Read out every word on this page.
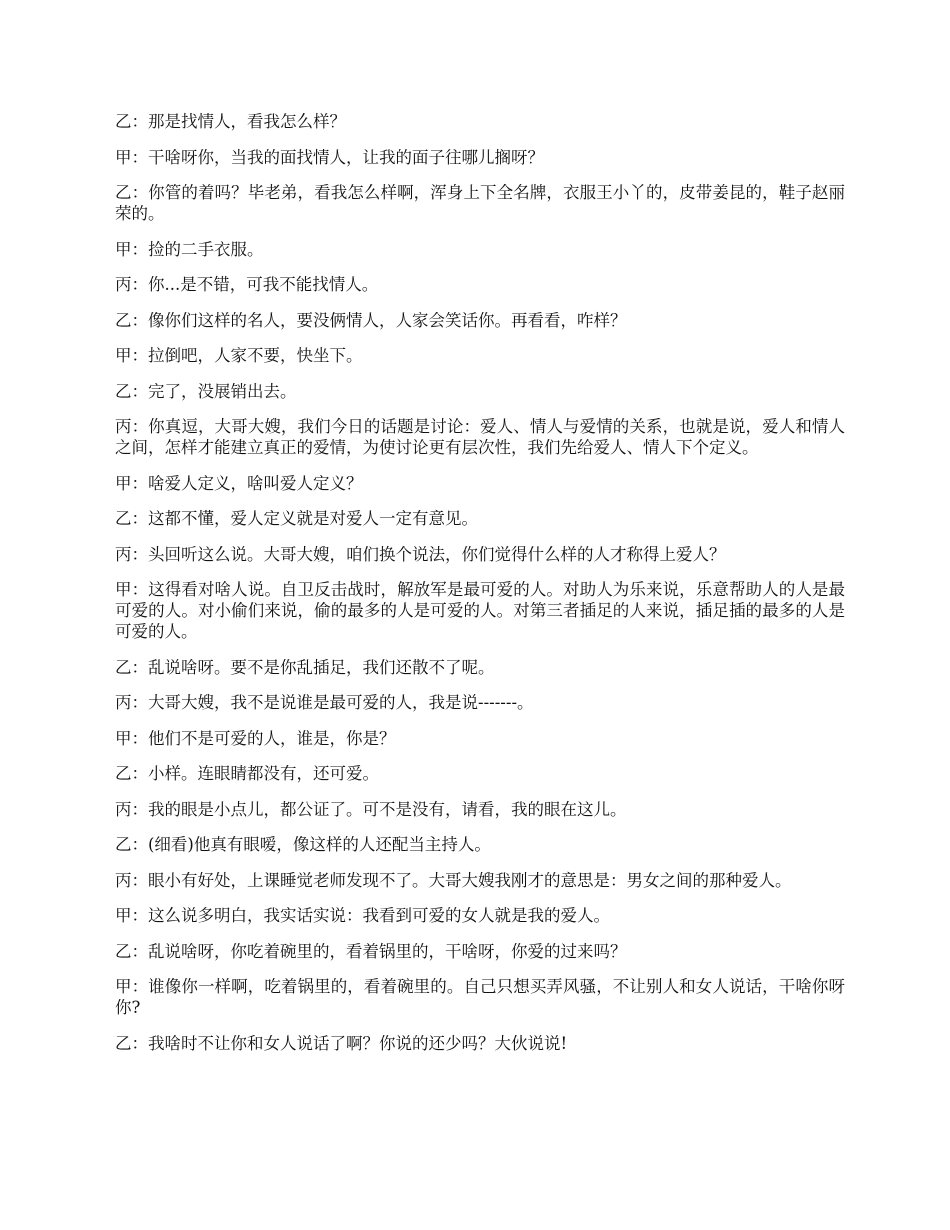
乙：那是找情人，看我怎么样？

甲：干啥呀你，当我的面找情人，让我的面子往哪儿搁呀？

乙：你管的着吗？毕老弟，看我怎么样啊，浑身上下全名牌，衣服王小丫的，皮带姜昆的，鞋子赵丽荣的。

甲：捡的二手衣服。

丙：你...是不错，可我不能找情人。

乙：像你们这样的名人，要没俩情人，人家会笑话你。再看看，咋样？

甲：拉倒吧，人家不要，快坐下。

乙：完了，没展销出去。

丙：你真逗，大哥大嫂，我们今日的话题是讨论：爱人、情人与爱情的关系，也就是说，爱人和情人之间，怎样才能建立真正的爱情，为使讨论更有层次性，我们先给爱人、情人下个定义。

甲：啥爱人定义，啥叫爱人定义？

乙：这都不懂，爱人定义就是对爱人一定有意见。

丙：头回听这么说。大哥大嫂，咱们换个说法，你们觉得什么样的人才称得上爱人？

甲：这得看对啥人说。自卫反击战时，解放军是最可爱的人。对助人为乐来说，乐意帮助人的人是最可爱的人。对小偷们来说，偷的最多的人是可爱的人。对第三者插足的人来说，插足插的最多的人是可爱的人。

乙：乱说啥呀。要不是你乱插足，我们还散不了呢。

丙：大哥大嫂，我不是说谁是最可爱的人，我是说-------。

甲：他们不是可爱的人，谁是，你是？

乙：小样。连眼睛都没有，还可爱。

丙：我的眼是小点儿，都公证了。可不是没有，请看，我的眼在这儿。

乙：(细看)他真有眼嗳，像这样的人还配当主持人。

丙：眼小有好处，上课睡觉老师发现不了。大哥大嫂我刚才的意思是：男女之间的那种爱人。

甲：这么说多明白，我实话实说：我看到可爱的女人就是我的爱人。

乙：乱说啥呀，你吃着碗里的，看着锅里的，干啥呀，你爱的过来吗？

甲：谁像你一样啊，吃着锅里的，看着碗里的。自己只想买弄风骚，不让别人和女人说话，干啥你呀你?

乙：我啥时不让你和女人说话了啊？你说的还少吗？大伙说说!
